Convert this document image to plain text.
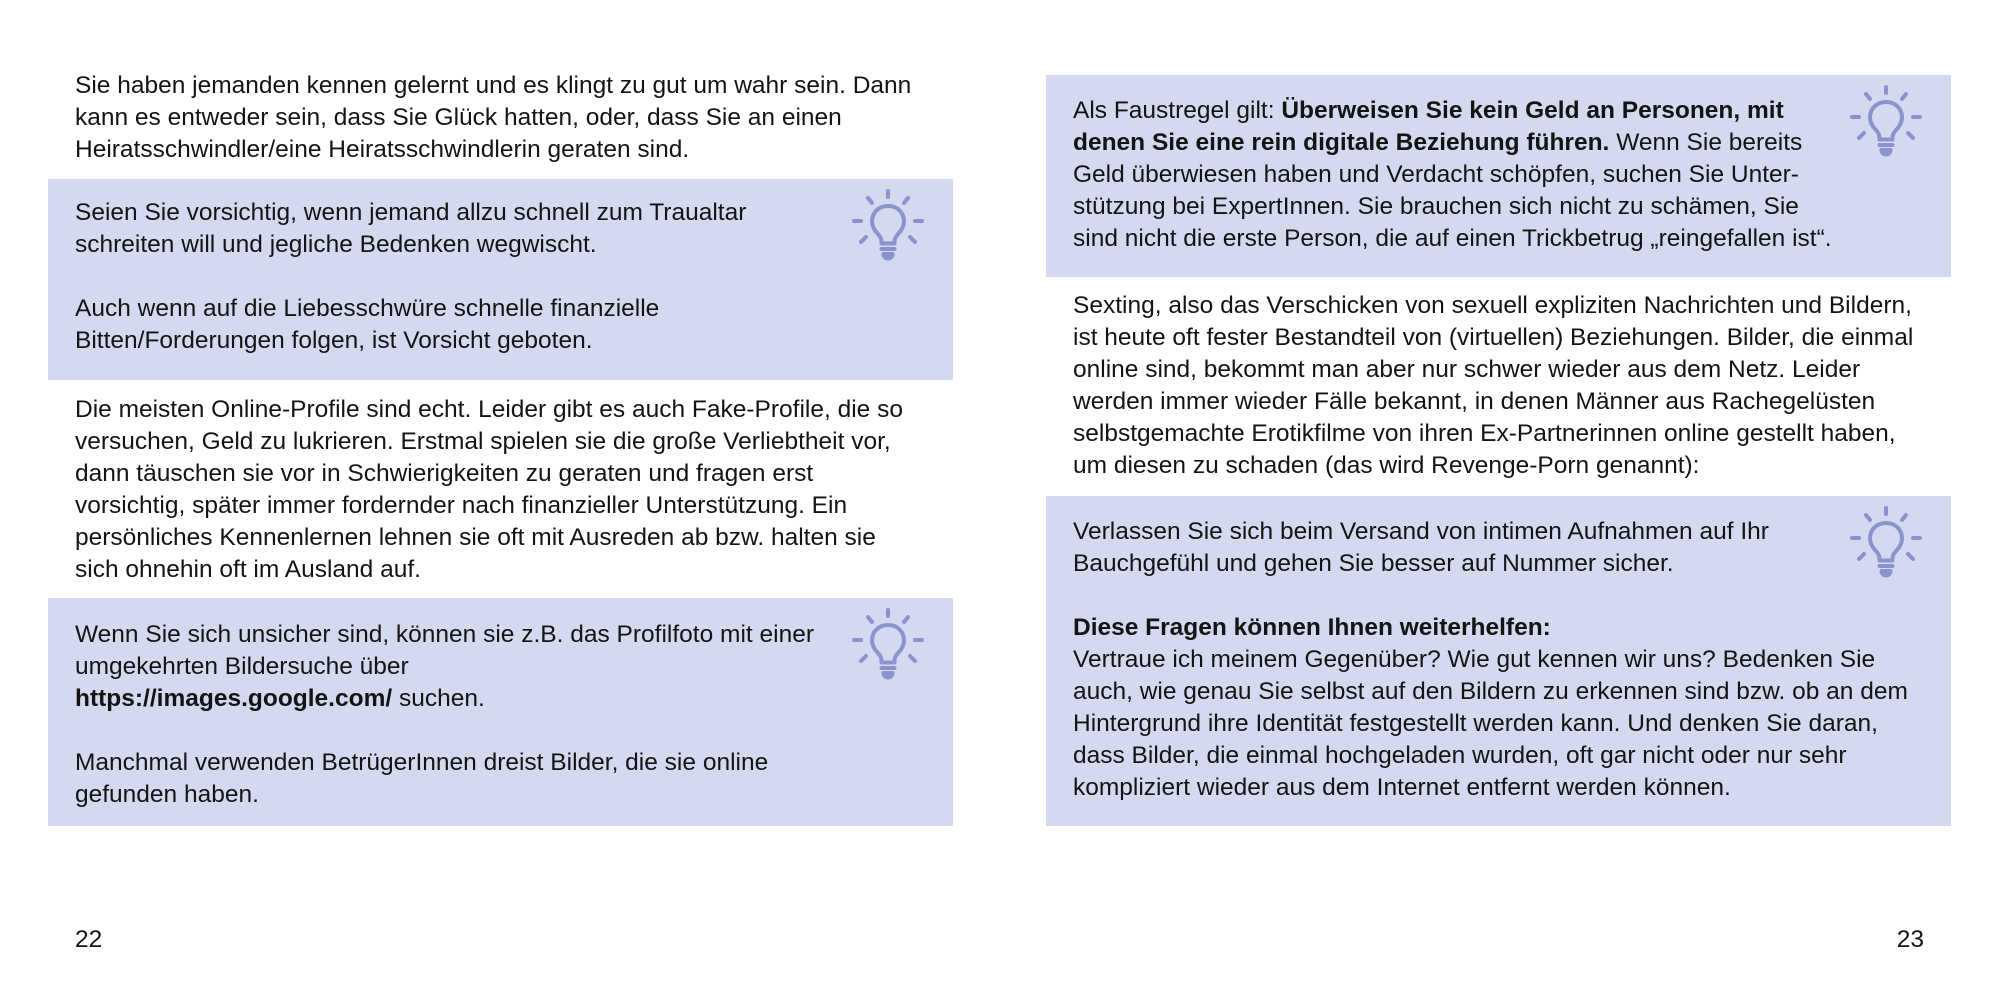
Sie haben jemanden kennen gelernt und es klingt zu gut um wahr sein. Dann kann es entweder sein, dass Sie Glück hatten, oder, dass Sie an einen Heiratsschwindler/eine Heiratsschwindlerin geraten sind.

Seien Sie vorsichtig, wenn jemand allzu schnell zum Traualtar schreiten will und jegliche Bedenken wegwischt.

Auch wenn auf die Liebesschwüre schnelle finanzielle Bitten/Forderungen folgen, ist Vorsicht geboten.

Die meisten Online-Profile sind echt. Leider gibt es auch Fake-Profile, die so versuchen, Geld zu lukrieren. Erstmal spielen sie die große Verliebtheit vor, dann täuschen sie vor in Schwierigkeiten zu geraten und fragen erst vorsichtig, später immer fordernder nach finanzieller Unterstützung. Ein persönliches Kennenlernen lehnen sie oft mit Ausreden ab bzw. halten sie sich ohnehin oft im Ausland auf.

Wenn Sie sich unsicher sind, können sie z.B. das Profilfoto mit einer umgekehrten Bildersuche über
https://images.google.com/ suchen.

Manchmal verwenden BetrügerInnen dreist Bilder, die sie online gefunden haben.

22

Als Faustregel gilt: Überweisen Sie kein Geld an Personen, mit denen Sie eine rein digitale Beziehung führen. Wenn Sie bereits Geld überwiesen haben und Verdacht schöpfen, suchen Sie Unter-stützung bei ExpertInnen. Sie brauchen sich nicht zu schämen, Sie sind nicht die erste Person, die auf einen Trickbetrug „reingefallen ist“.

Sexting, also das Verschicken von sexuell expliziten Nachrichten und Bildern, ist heute oft fester Bestandteil von (virtuellen) Beziehungen. Bilder, die einmal online sind, bekommt man aber nur schwer wieder aus dem Netz. Leider werden immer wieder Fälle bekannt, in denen Männer aus Rachegelüsten selbstgemachte Erotikfilme von ihren Ex-Partnerinnen online gestellt haben, um diesen zu schaden (das wird Revenge-Porn genannt):

Verlassen Sie sich beim Versand von intimen Aufnahmen auf Ihr Bauchgefühl und gehen Sie besser auf Nummer sicher.

Diese Fragen können Ihnen weiterhelfen:
Vertraue ich meinem Gegenüber? Wie gut kennen wir uns? Bedenken Sie auch, wie genau Sie selbst auf den Bildern zu erkennen sind bzw. ob an dem Hintergrund ihre Identität festgestellt werden kann. Und denken Sie daran, dass Bilder, die einmal hochgeladen wurden, oft gar nicht oder nur sehr kompliziert wieder aus dem Internet entfernt werden können.

23
